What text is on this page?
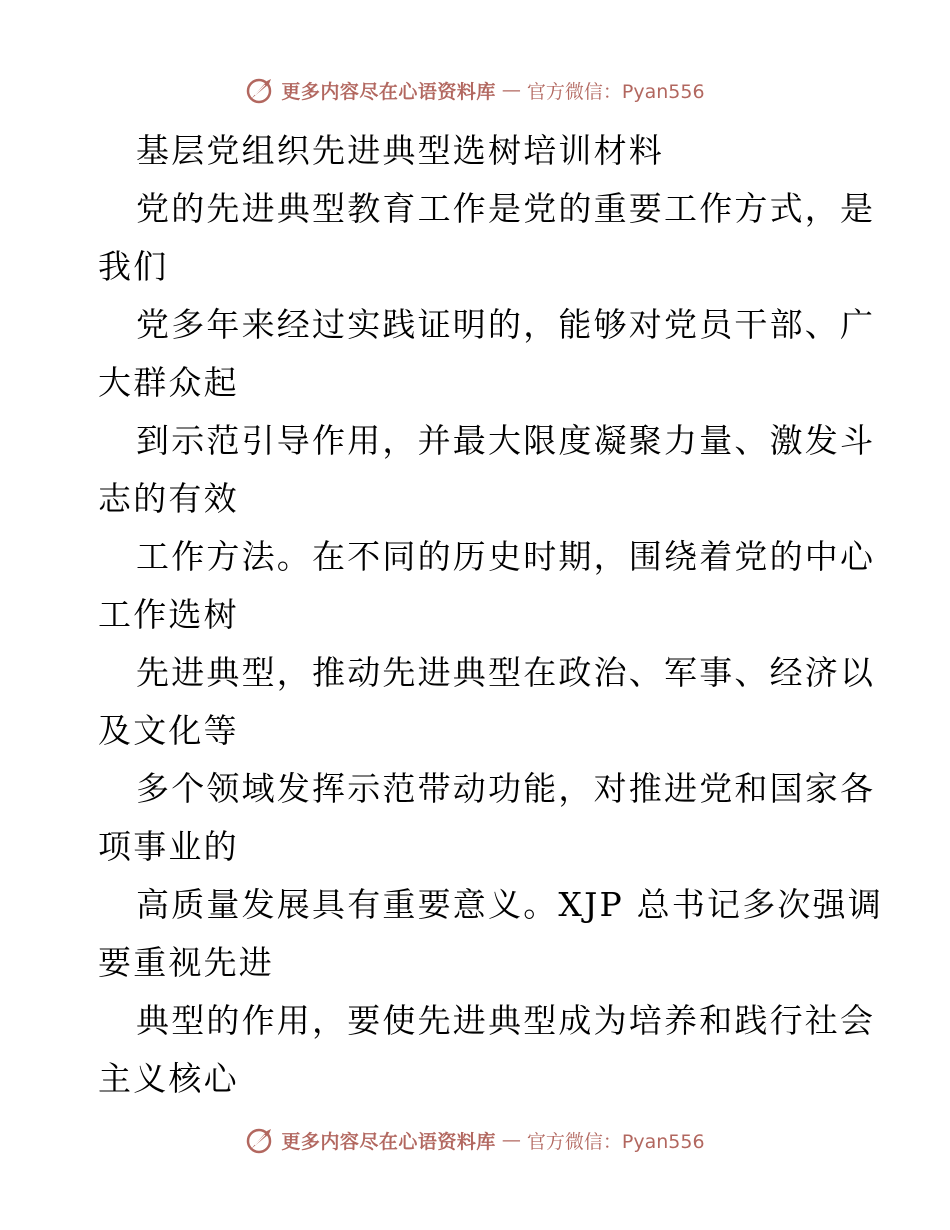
更多内容尽在心语资料库 — 官方微信：Pyan556
基层党组织先进典型选树培训材料
党的先进典型教育工作是党的重要工作方式，是
我们
党多年来经过实践证明的，能够对党员干部、广
大群众起
到示范引导作用，并最大限度凝聚力量、激发斗
志的有效
工作方法。在不同的历史时期，围绕着党的中心
工作选树
先进典型，推动先进典型在政治、军事、经济以
及文化等
多个领域发挥示范带动功能，对推进党和国家各
项事业的
高质量发展具有重要意义。XJP 总书记多次强调
要重视先进
典型的作用，要使先进典型成为培养和践行社会
主义核心
更多内容尽在心语资料库 — 官方微信：Pyan556
